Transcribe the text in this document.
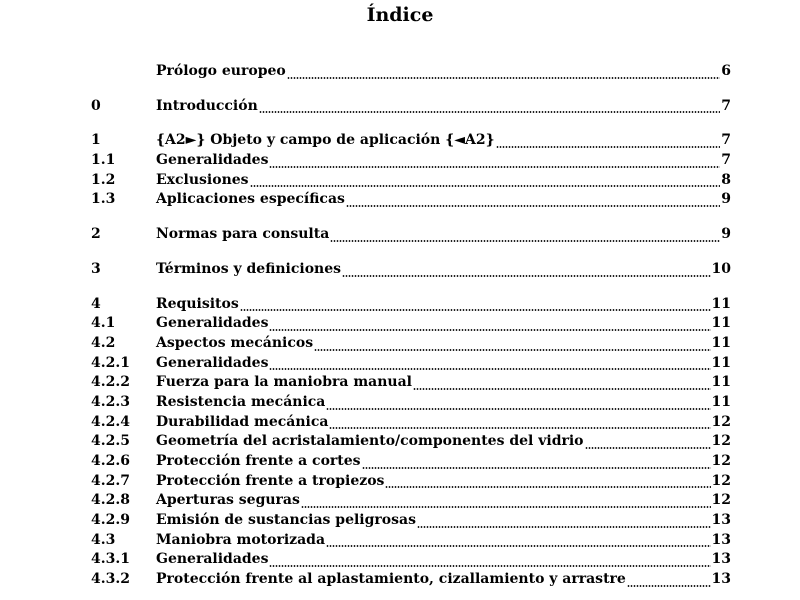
Índice
Prólogo europeo	6
0	Introducción	7
1	{A2►} Objeto y campo de aplicación {◄A2}	7
1.1	Generalidades	7
1.2	Exclusiones	8
1.3	Aplicaciones específicas	9
2	Normas para consulta	9
3	Términos y definiciones	10
4	Requisitos	11
4.1	Generalidades	11
4.2	Aspectos mecánicos	11
4.2.1	Generalidades	11
4.2.2	Fuerza para la maniobra manual	11
4.2.3	Resistencia mecánica	11
4.2.4	Durabilidad mecánica	12
4.2.5	Geometría del acristalamiento/componentes del vidrio	12
4.2.6	Protección frente a cortes	12
4.2.7	Protección frente a tropiezos	12
4.2.8	Aperturas seguras	12
4.2.9	Emisión de sustancias peligrosas	13
4.3	Maniobra motorizada	13
4.3.1	Generalidades	13
4.3.2	Protección frente al aplastamiento, cizallamiento y arrastre	13
